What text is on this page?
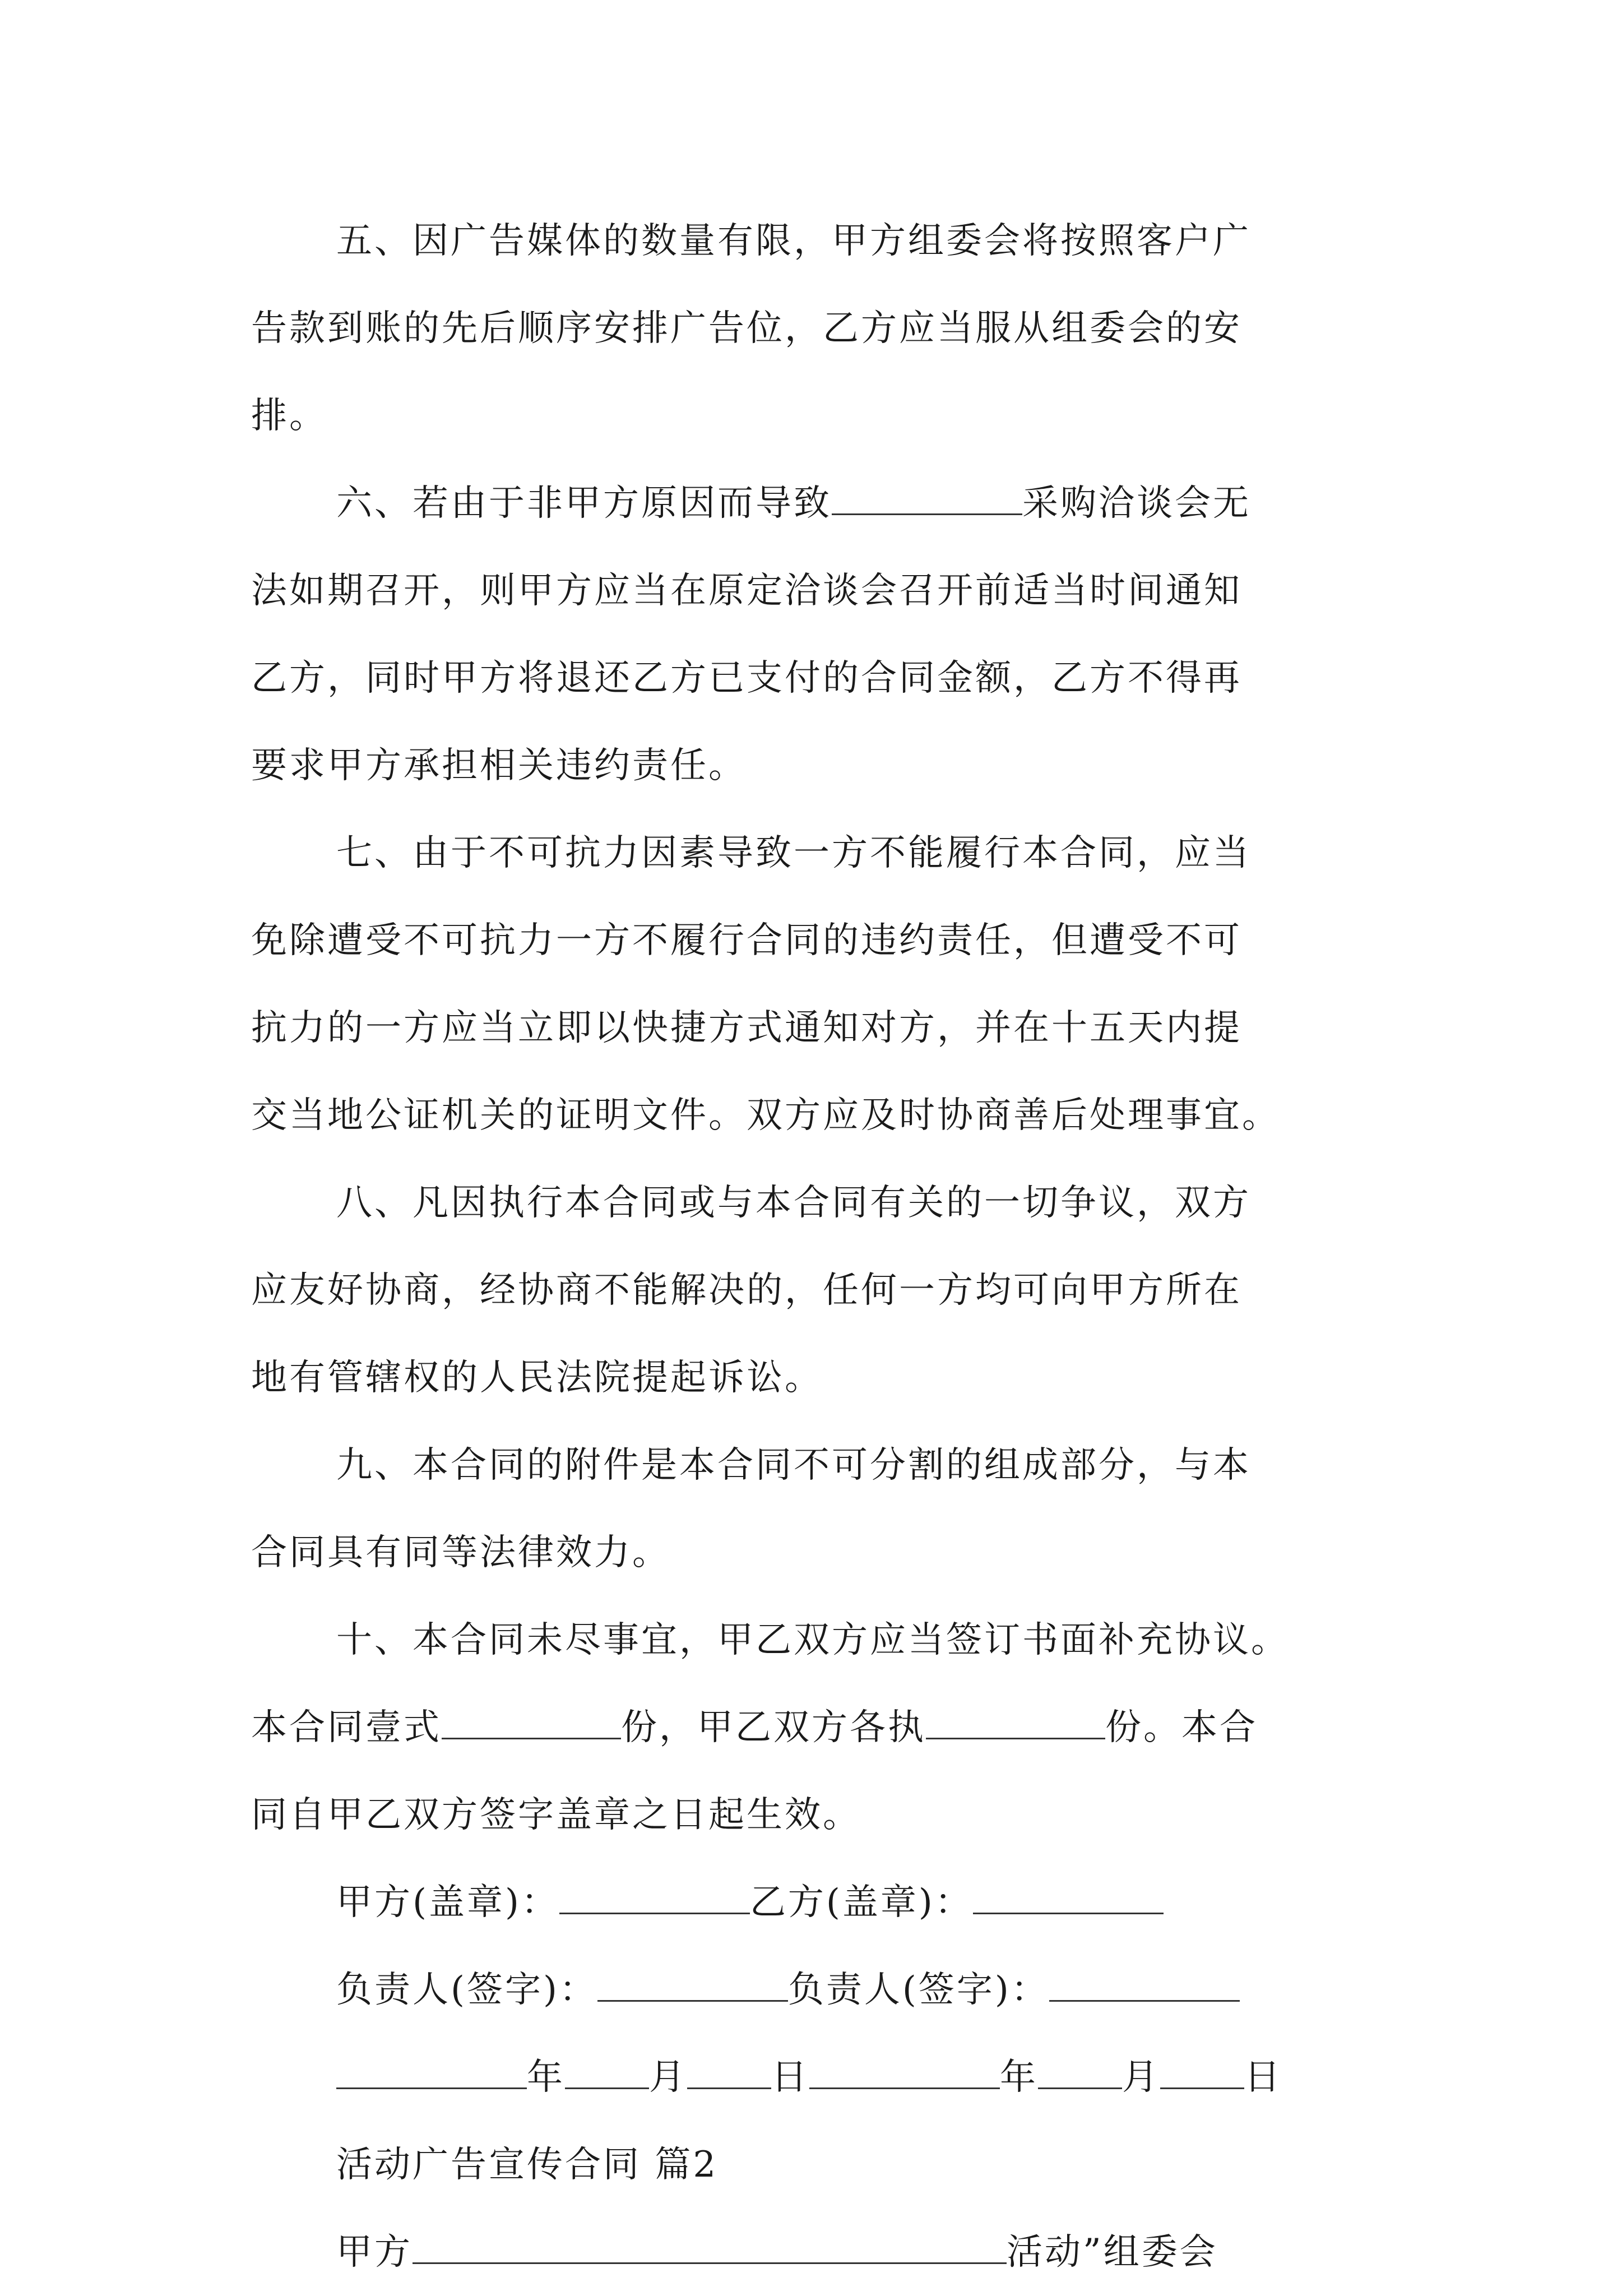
五、因广告媒体的数量有限，甲方组委会将按照客户广
告款到账的先后顺序安排广告位，乙方应当服从组委会的安
排。
六、若由于非甲方原因而导致	采购洽谈会无
法如期召开，则甲方应当在原定洽谈会召开前适当时间通知
乙方，同时甲方将退还乙方已支付的合同金额，乙方不得再
要求甲方承担相关违约责任。
七、由于不可抗力因素导致一方不能履行本合同，应当
免除遭受不可抗力一方不履行合同的违约责任，但遭受不可
抗力的一方应当立即以快捷方式通知对方，并在十五天内提
交当地公证机关的证明文件。双方应及时协商善后处理事宜。
八、凡因执行本合同或与本合同有关的一切争议，双方
应友好协商，经协商不能解决的，任何一方均可向甲方所在
地有管辖权的人民法院提起诉讼。
九、本合同的附件是本合同不可分割的组成部分，与本
合同具有同等法律效力。
十、本合同未尽事宜，甲乙双方应当签订书面补充协议。
本合同壹式	份，甲乙双方各执	份。本合
同自甲乙双方签字盖章之日起生效。
甲方(盖章)：	乙方(盖章)：
负责人(签字)：	负责人(签字)：
年 月 日	年 月 日
活动广告宣传合同 篇2
甲方	活动”组委会
